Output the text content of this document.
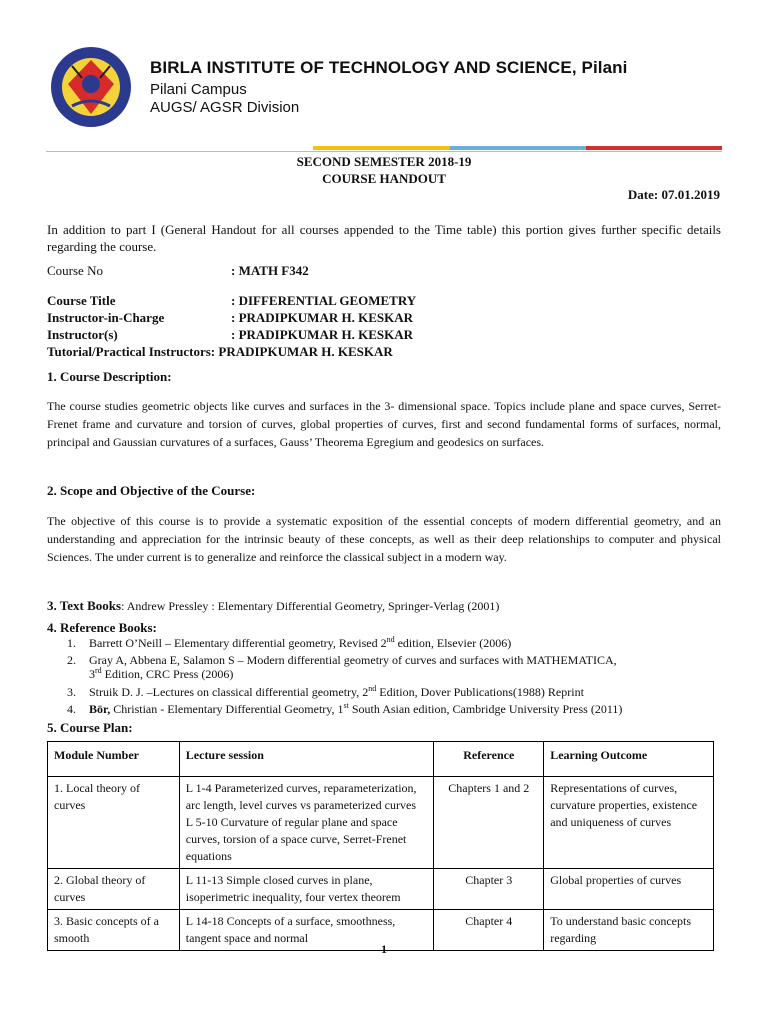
BIRLA INSTITUTE OF TECHNOLOGY AND SCIENCE, Pilani
Pilani Campus
AUGS/ AGSR Division
SECOND SEMESTER 2018-19
COURSE HANDOUT
Date: 07.01.2019
In addition to part I (General Handout for all courses appended to the Time table) this portion gives further specific details regarding the course.
Course No	: MATH F342
Course Title	: DIFFERENTIAL GEOMETRY
Instructor-in-Charge	: PRADIPKUMAR H. KESKAR
Instructor(s)	: PRADIPKUMAR H. KESKAR
Tutorial/Practical Instructors: PRADIPKUMAR H. KESKAR
1. Course Description:
The course studies geometric objects like curves and surfaces in the 3- dimensional space. Topics include plane and space curves, Serret-Frenet frame and curvature and torsion of curves, global properties of curves, first and second fundamental forms of surfaces, normal, principal and Gaussian curvatures of a surfaces, Gauss’ Theorema Egregium and geodesics on surfaces.
2. Scope and Objective of the Course:
The objective of this course is to provide a systematic exposition of the essential concepts of modern differential geometry, and an understanding and appreciation for the intrinsic beauty of these concepts, as well as their deep relationships to computer and physical Sciences. The under current is to generalize and reinforce the classical subject in a modern way.
3. Text Books: Andrew Pressley : Elementary Differential Geometry, Springer-Verlag (2001)
4. Reference Books:
1. Barrett O’Neill – Elementary differential geometry, Revised 2nd edition, Elsevier (2006)
2. Gray A, Abbena E, Salamon S – Modern differential geometry of curves and surfaces with MATHEMATICA,
3rd Edition, CRC Press (2006)
3. Struik D. J. –Lectures on classical differential geometry, 2nd Edition, Dover Publications(1988) Reprint
4. Bӧr, Christian - Elementary Differential Geometry, 1st South Asian edition, Cambridge University Press (2011)
5. Course Plan:
Module Number	Lecture session	Reference	Learning Outcome
1. Local theory of curves	L 1-4 Parameterized curves, reparameterization, arc length, level curves vs parameterized curves
L 5-10 Curvature of regular plane and space curves, torsion of a space curve, Serret-Frenet equations	Chapters 1 and 2	Representations of curves, curvature properties, existence and uniqueness of curves
2. Global theory of curves	L 11-13 Simple closed curves in plane, isoperimetric inequality, four vertex theorem	Chapter 3	Global properties of curves
3. Basic concepts of a smooth	L 14-18 Concepts of a surface, smoothness, tangent space and normal	Chapter 4	To understand basic concepts regarding
1
